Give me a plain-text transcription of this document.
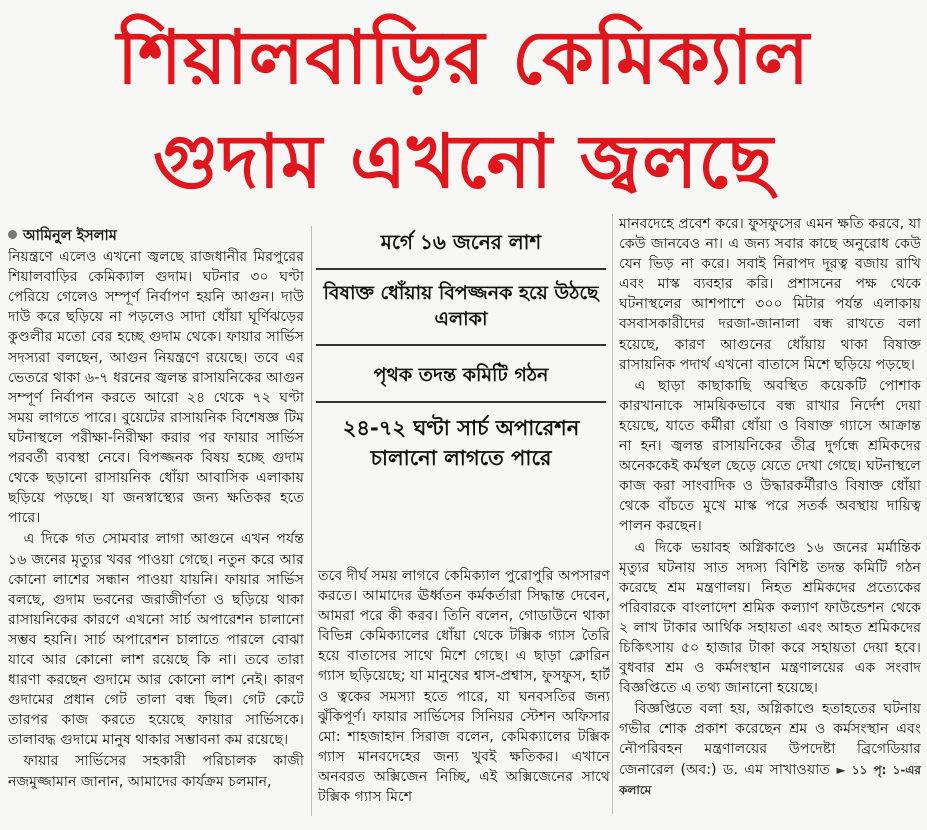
শিয়ালবাড়ির কেমিক্যাল
গুদাম এখনো জ্বলছে

আমিনুল ইসলাম

নিয়ন্ত্রণে এলেও এখনো জ্বলছে রাজধানীর মিরপুরের শিয়ালবাড়ির কেমিক্যাল গুদাম। ঘটনার ৩০ ঘণ্টা পেরিয়ে গেলেও সম্পূর্ণ নির্বাপণ হয়নি আগুন। দাউ দাউ করে ছড়িয়ে না পড়লেও সাদা ধোঁয়া ঘূর্ণিঝড়ের কুণ্ডলীর মতো বের হচ্ছে গুদাম থেকে। ফায়ার সার্ভিস সদস্যরা বলছেন, আগুন নিয়ন্ত্রণে রয়েছে। তবে এর ভেতরে থাকা ৬-৭ ধরনের জ্বলন্ত রাসায়নিকের আগুন সম্পূর্ণ নির্বাপন করতে আরো ২৪ থেকে ৭২ ঘণ্টা সময় লাগতে পারে। বুয়েটের রাসায়নিক বিশেষজ্ঞ টিম ঘটনাস্থলে পরীক্ষা-নিরীক্ষা করার পর ফায়ার সার্ভিস পরবর্তী ব্যবস্থা নেবে। বিপজ্জনক বিষয় হচ্ছে গুদাম থেকে ছড়ানো রাসায়নিক ধোঁয়া আবাসিক এলাকায় ছড়িয়ে পড়ছে। যা জনস্বাস্থ্যের জন্য ক্ষতিকর হতে পারে।

এ দিকে গত সোমবার লাগা আগুনে এখন পর্যন্ত ১৬ জনের মৃত্যুর খবর পাওয়া গেছে। নতুন করে আর কোনো লাশের সন্ধান পাওয়া যায়নি। ফায়ার সার্ভিস বলছে, গুদাম ভবনের জরাজীর্ণতা ও ছড়িয়ে থাকা রাসায়নিকের কারণে এখনো সার্চ অপারেশন চালানো সম্ভব হয়নি। সার্চ অপারেশন চালাতে পারলে বোঝা যাবে আর কোনো লাশ রয়েছে কি না। তবে তারা ধারণা করছেন গুদামে আর কোনো লাশ নেই। কারণ গুদামের প্রধান গেট তালা বন্ধ ছিল। গেট কেটে তারপর কাজ করতে হয়েছে ফায়ার সার্ভিসকে। তালাবদ্ধ গুদামে মানুষ থাকার সম্ভাবনা কম রয়েছে।

ফায়ার সার্ভিসের সহকারী পরিচালক কাজী নজমুজ্জামান জানান, আমাদের কার্যক্রম চলমান,

মর্গে ১৬ জনের লাশ
বিষাক্ত ধোঁয়ায় বিপজ্জনক হয়ে উঠছে এলাকা
পৃথক তদন্ত কমিটি গঠন
২৪-৭২ ঘণ্টা সার্চ অপারেশন চালানো লাগতে পারে

তবে দীর্ঘ সময় লাগবে কেমিক্যাল পুরোপুরি অপসারণ করতে। আমাদের ঊর্ধ্বতন কর্মকর্তারা সিদ্ধান্ত দেবেন, আমরা পরে কী করব। তিনি বলেন, গোডাউনে থাকা বিভিন্ন কেমিক্যালের ধোঁয়া থেকে টক্সিক গ্যাস তৈরি হয়ে বাতাসের সাথে মিশে গেছে। এ ছাড়া ক্লোরিন গ্যাস ছড়িয়েছে; যা মানুষের শ্বাস-প্রশ্বাস, ফুসফুস, হার্ট ও ত্বকের সমস্যা হতে পারে, যা ঘনবসতির জন্য ঝুঁকিপূর্ণ। ফায়ার সার্ভিসের সিনিয়র স্টেশন অফিসার মো: শাহজাহান সিরাজ বলেন, কেমিক্যালের টক্সিক গ্যাস মানবদেহের জন্য খুবই ক্ষতিকর। এখানে অনবরত অক্সিজেন নিচ্ছি, এই অক্সিজেনের সাথে টক্সিক গ্যাস মিশে

মানবদেহে প্রবেশ করে। ফুসফুসের এমন ক্ষতি করবে, যা কেউ জানবেও না। এ জন্য সবার কাছে অনুরোধ কেউ যেন ভিড় না করে। সবাই নিরাপদ দূরত্ব বজায় রাখি এবং মাস্ক ব্যবহার করি। প্রশাসনের পক্ষ থেকে ঘটনাস্থলের আশপাশে ৩০০ মিটার পর্যন্ত এলাকায় বসবাসকারীদের দরজা-জানালা বন্ধ রাখতে বলা হয়েছে, কারণ আগুনের ধোঁয়ায় থাকা বিষাক্ত রাসায়নিক পদার্থ এখনো বাতাসে মিশে ছড়িয়ে পড়ছে।

এ ছাড়া কাছাকাছি অবস্থিত কয়েকটি পোশাক কারখানাকে সাময়িকভাবে বন্ধ রাখার নির্দেশ দেয়া হয়েছে, যাতে কর্মীরা ধোঁয়া ও বিষাক্ত গ্যাসে আক্রান্ত না হন। জ্বলন্ত রাসায়নিকের তীব্র দুর্গন্ধে শ্রমিকদের অনেককেই কর্মস্থল ছেড়ে যেতে দেখা গেছে। ঘটনাস্থলে কাজ করা সাংবাদিক ও উদ্ধারকর্মীরাও বিষাক্ত ধোঁয়া থেকে বাঁচতে মুখে মাস্ক পরে সতর্ক অবস্থায় দায়িত্ব পালন করছেন।

এ দিকে ভয়াবহ অগ্নিকাণ্ডে ১৬ জনের মর্মান্তিক মৃত্যুর ঘটনায় সাত সদস্য বিশিষ্ট তদন্ত কমিটি গঠন করেছে শ্রম মন্ত্রণালয়। নিহত শ্রমিকদের প্রত্যেকের পরিবারকে বাংলাদেশ শ্রমিক কল্যাণ ফাউন্ডেশন থেকে ২ লাখ টাকার আর্থিক সহায়তা এবং আহত শ্রমিকদের চিকিৎসায় ৫০ হাজার টাকা করে সহায়তা দেয়া হবে। বুধবার শ্রম ও কর্মসংস্থান মন্ত্রণালয়ের এক সংবাদ বিজ্ঞপ্তিতে এ তথ্য জানানো হয়েছে।

বিজ্ঞপ্তিতে বলা হয়, অগ্নিকাণ্ডে হতাহতের ঘটনায় গভীর শোক প্রকাশ করেছেন শ্রম ও কর্মসংস্থান এবং নৌপরিবহন মন্ত্রণালয়ের উপদেষ্টা ব্রিগেডিয়ার জেনারেল (অব:) ড. এম সাখাওয়াত ► ১১ পৃ: ১-এর কলামে
